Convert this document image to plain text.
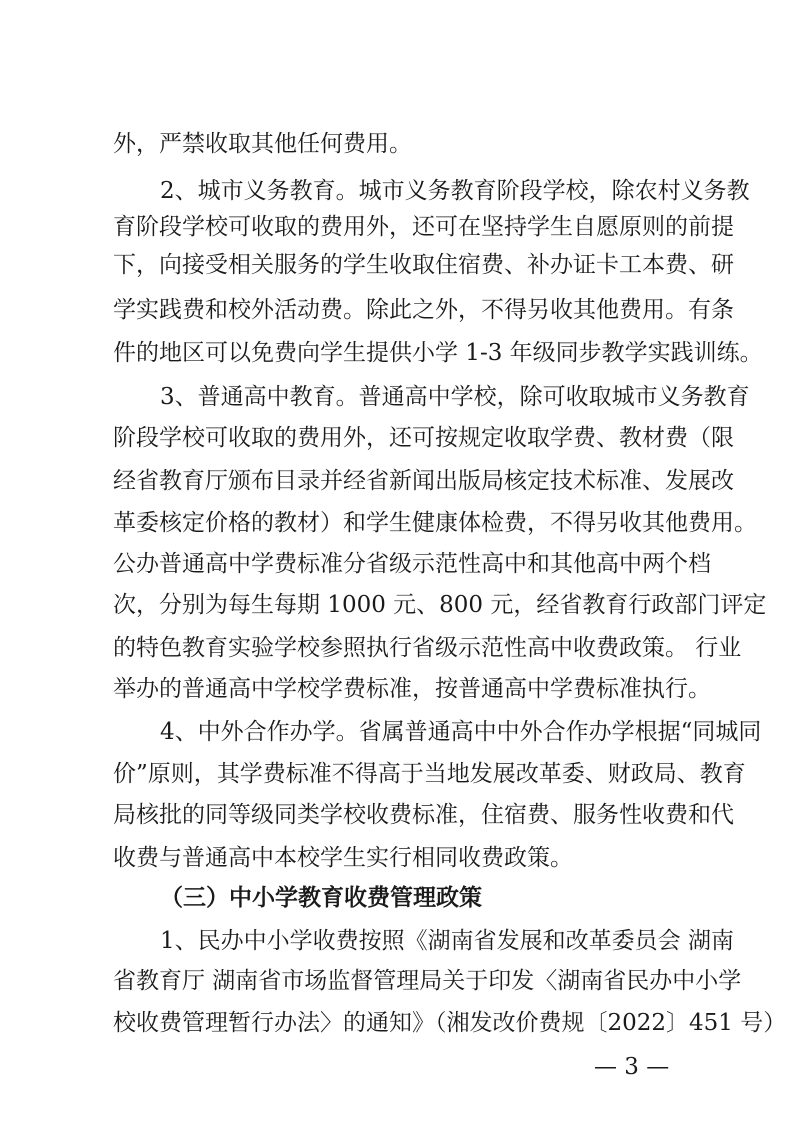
外，严禁收取其他任何费用。
2、城市义务教育。城市义务教育阶段学校，除农村义务教
育阶段学校可收取的费用外，还可在坚持学生自愿原则的前提
下，向接受相关服务的学生收取住宿费、补办证卡工本费、研
学实践费和校外活动费。除此之外，不得另收其他费用。有条
件的地区可以免费向学生提供小学 1-3 年级同步教学实践训练。
3、普通高中教育。普通高中学校，除可收取城市义务教育
阶段学校可收取的费用外，还可按规定收取学费、教材费（限
经省教育厅颁布目录并经省新闻出版局核定技术标准、发展改
革委核定价格的教材）和学生健康体检费，不得另收其他费用。
公办普通高中学费标准分省级示范性高中和其他高中两个档
次，分别为每生每期 1000 元、800 元，经省教育行政部门评定
的特色教育实验学校参照执行省级示范性高中收费政策。 行业
举办的普通高中学校学费标准，按普通高中学费标准执行。
4、中外合作办学。省属普通高中中外合作办学根据“同城同
价”原则，其学费标准不得高于当地发展改革委、财政局、教育
局核批的同等级同类学校收费标准，住宿费、服务性收费和代
收费与普通高中本校学生实行相同收费政策。
（三）中小学教育收费管理政策
1、民办中小学收费按照《湖南省发展和改革委员会 湖南
省教育厅 湖南省市场监督管理局关于印发〈湖南省民办中小学
校收费管理暂行办法〉的通知》（湘发改价费规〔2022〕451 号）
— 3 —
